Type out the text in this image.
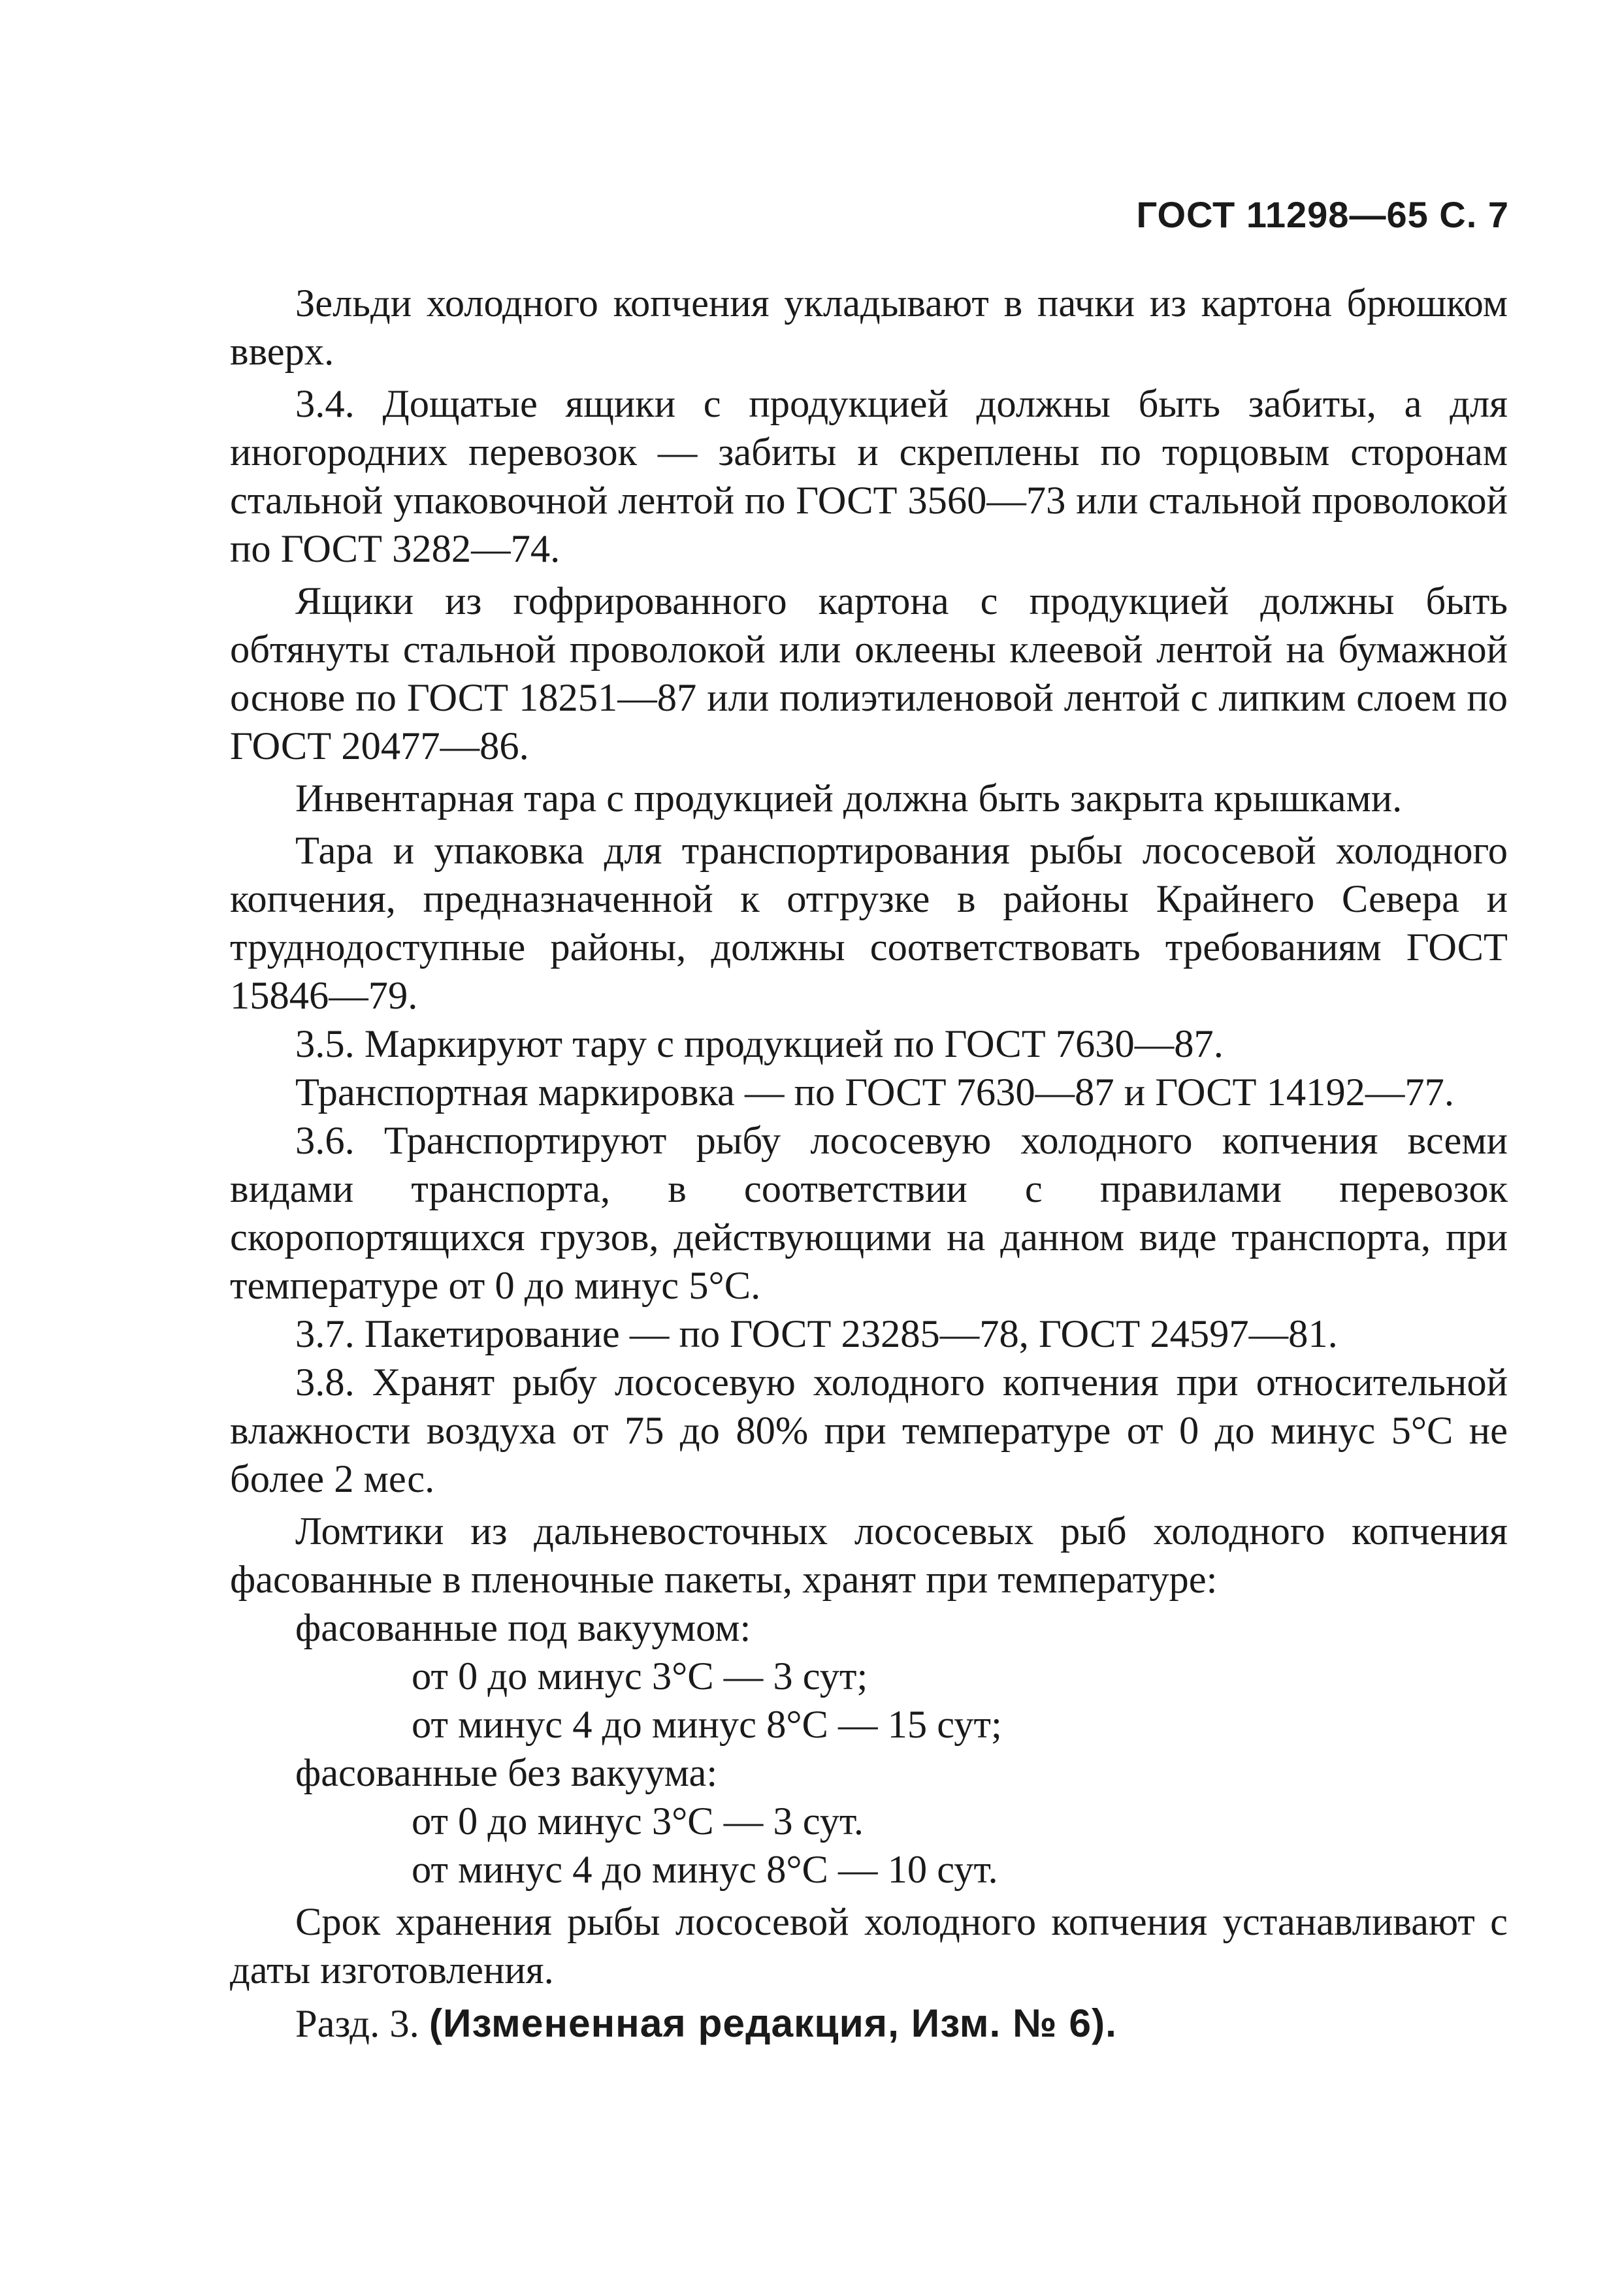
ГОСТ 11298—65 С. 7

Зельди холодного копчения укладывают в пачки из картона брюшком вверх.

3.4. Дощатые ящики с продукцией должны быть забиты, а для иногородних перевозок — забиты и скреплены по торцовым сторонам стальной упаковочной лентой по ГОСТ 3560—73 или стальной проволокой по ГОСТ 3282—74.

Ящики из гофрированного картона с продукцией должны быть обтянуты стальной проволокой или оклеены клеевой лентой на бумажной основе по ГОСТ 18251—87 или полиэтиленовой лентой с липким слоем по ГОСТ 20477—86.

Инвентарная тара с продукцией должна быть закрыта крышками.

Тара и упаковка для транспортирования рыбы лососевой холодного копчения, предназначенной к отгрузке в районы Крайнего Севера и труднодоступные районы, должны соответствовать требованиям ГОСТ 15846—79.

3.5. Маркируют тару с продукцией по ГОСТ 7630—87.

Транспортная маркировка — по ГОСТ 7630—87 и ГОСТ 14192—77.

3.6. Транспортируют рыбу лососевую холодного копчения всеми видами транспорта, в соответствии с правилами перевозок скоропортящихся грузов, действующими на данном виде транспорта, при температуре от 0 до минус 5°С.

3.7. Пакетирование — по ГОСТ 23285—78, ГОСТ 24597—81.

3.8. Хранят рыбу лососевую холодного копчения при относительной влажности воздуха от 75 до 80% при температуре от 0 до минус 5°С не более 2 мес.

Ломтики из дальневосточных лососевых рыб холодного копчения фасованные в пленочные пакеты, хранят при температуре:

фасованные под вакуумом:

от 0 до минус 3°С — 3 сут;

от минус 4 до минус 8°С — 15 сут;

фасованные без вакуума:

от 0 до минус 3°С — 3 сут.

от минус 4 до минус 8°С — 10 сут.

Срок хранения рыбы лососевой холодного копчения устанавливают с даты изготовления.

Разд. 3. (Измененная редакция, Изм. № 6).
